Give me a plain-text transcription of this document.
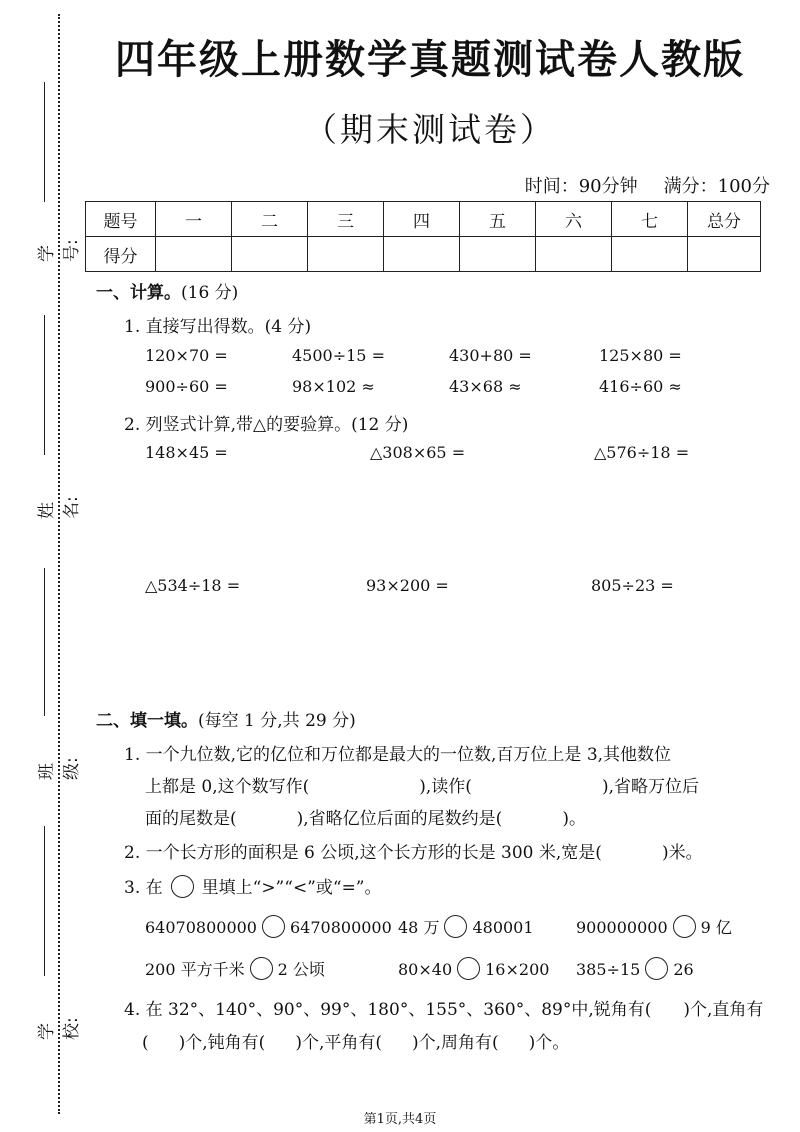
学号:
姓名:
班级:
学校:
四年级上册数学真题测试卷人教版
（期末测试卷）
时间：90分钟 满分：100分
题号	一	二	三	四	五	六	七	总分
得分								
一、计算。(16 分)
1. 直接写出得数。(4 分)
120×70 =	4500÷15 =	430+80 =	125×80 =
900÷60 =	98×102 ≈	43×68 ≈	416÷60 ≈
2. 列竖式计算,带△的要验算。(12 分)
148×45 =	△308×65 =	△576÷18 =
△534÷18 =	93×200 =	805÷23 =
二、填一填。(每空 1 分,共 29 分)
1. 一个九位数,它的亿位和万位都是最大的一位数,百万位上是 3,其他数位
上都是 0,这个数写作(	),读作(	),省略万位后
面的尾数是(	),省略亿位后面的尾数约是(	)。
2. 一个长方形的面积是 6 公顷,这个长方形的长是 300 米,宽是(	)米。
3. 在 里填上“>”“<”或“=”。
64070800000 6470800000 48 万 480001	900000000 9 亿
200 平方千米 2 公顷	80×40 16×200 385÷15 26
4. 在 32°、140°、90°、99°、180°、155°、360°、89°中,锐角有( )个,直角有
( )个,钝角有( )个,平角有( )个,周角有( )个。
第1页,共4页
